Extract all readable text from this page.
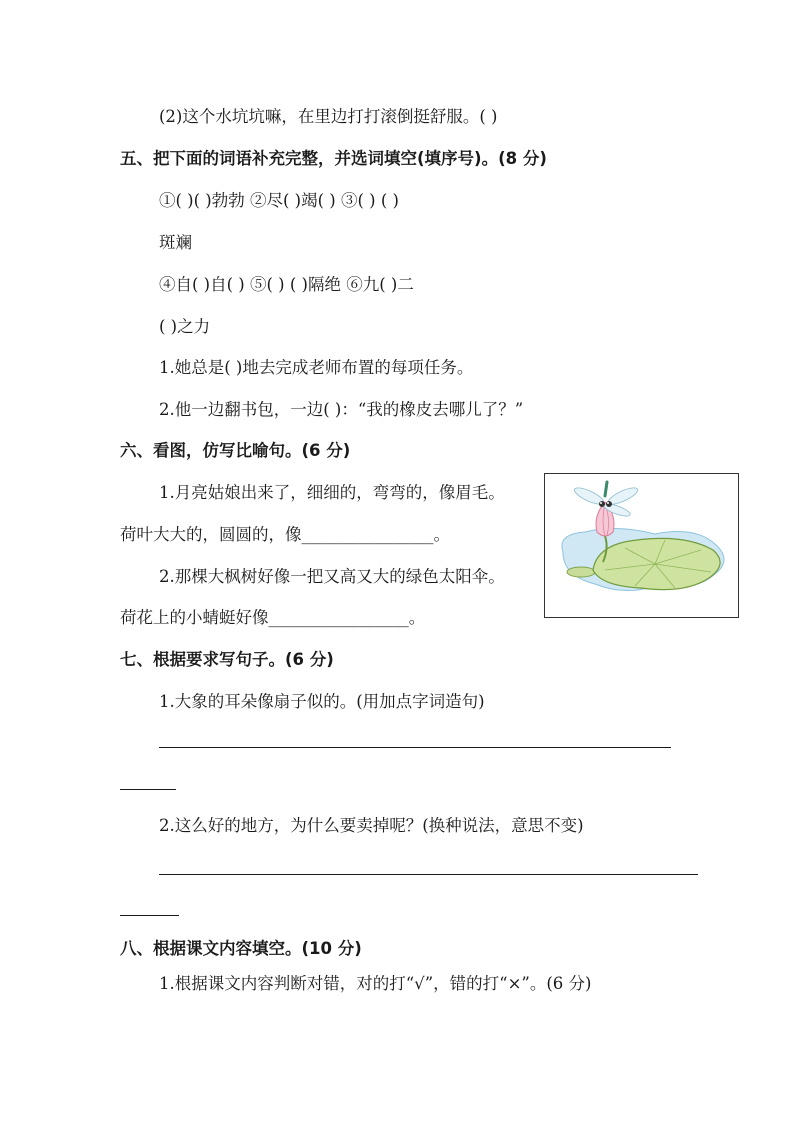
(2)这个水坑坑嘛，在里边打打滚倒挺舒服。( )
五、把下面的词语补充完整，并选词填空(填序号)。(8 分)
①( )( )勃勃 ②尽( )竭( ) ③( ) ( )
斑斓
④自( )自( ) ⑤( ) ( )隔绝 ⑥九( )二
( )之力
1.她总是( )地去完成老师布置的每项任务。
2.他一边翻书包，一边( )：“我的橡皮去哪儿了？”
六、看图，仿写比喻句。(6 分)
1.月亮姑娘出来了，细细的，弯弯的，像眉毛。
荷叶大大的，圆圆的，像________________。
2.那棵大枫树好像一把又高又大的绿色太阳伞。
荷花上的小蜻蜓好像_________________。
七、根据要求写句子。(6 分)
1.大象的耳朵像扇子似的。(用加点字词造句)
2.这么好的地方，为什么要卖掉呢？(换种说法，意思不变)
八、根据课文内容填空。(10 分)
1.根据课文内容判断对错，对的打“√”，错的打“×”。(6 分)
